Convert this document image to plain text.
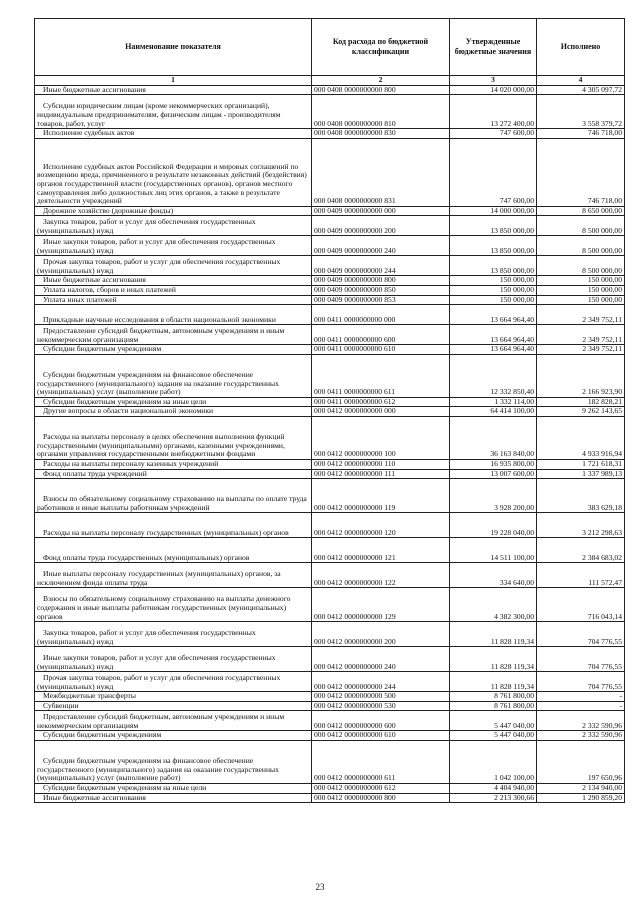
Наименование показателя	Код расхода по бюджетной классификации	Утвержденные бюджетные значения	Исполнено
1	2	3	4
Иные бюджетные ассигнования	000 0408 0000000000 800	14 020 000,00	4 305 097,72
Субсидии юридическим лицам (кроме некоммерческих организаций), индивидуальным предпринимателям, физическим лицам - производителям товаров, работ, услуг	000 0408 0000000000 810	13 272 400,00	3 558 379,72
Исполнение судебных актов	000 0408 0000000000 830	747 600,00	746 718,00
Исполнение судебных актов Российской Федерации и мировых соглашений по возмещению вреда, причиненного в результате незаконных действий (бездействия) органов государственной власти (государственных органов), органов местного самоуправления либо должностных лиц этих органов, а также в результате деятельности учреждений	000 0408 0000000000 831	747 600,00	746 718,00
Дорожное хозяйство (дорожные фонды)	000 0409 0000000000 000	14 000 000,00	8 650 000,00
Закупка товаров, работ и услуг для обеспечения государственных (муниципальных) нужд	000 0409 0000000000 200	13 850 000,00	8 500 000,00
Иные закупки товаров, работ и услуг для обеспечения государственных (муниципальных) нужд	000 0409 0000000000 240	13 850 000,00	8 500 000,00
Прочая закупка товаров, работ и услуг для обеспечения государственных (муниципальных) нужд	000 0409 0000000000 244	13 850 000,00	8 500 000,00
Иные бюджетные ассигнования	000 0409 0000000000 800	150 000,00	150 000,00
Уплата налогов, сборов и иных платежей	000 0409 0000000000 850	150 000,00	150 000,00
Уплата иных платежей	000 0409 0000000000 853	150 000,00	150 000,00
Прикладные научные исследования в области национальной экономики	000 0411 0000000000 000	13 664 964,40	2 349 752,11
Предоставление субсидий бюджетным, автономным учреждениям и иным некоммерческим организациям	000 0411 0000000000 600	13 664 964,40	2 349 752,11
Субсидии бюджетным учреждениям	000 0411 0000000000 610	13 664 964,40	2 349 752,11
Субсидии бюджетным учреждениям на финансовое обеспечение государственного (муниципального) задания на оказание государственных (муниципальных) услуг (выполнение работ)	000 0411 0000000000 611	12 332 850,40	2 166 923,90
Субсидии бюджетным учреждениям на иные цели	000 0411 0000000000 612	1 332 114,00	182 828,21
Другие вопросы в области национальной экономики	000 0412 0000000000 000	64 414 100,00	9 262 143,65
Расходы на выплаты персоналу в целях обеспечения выполнения функций государственными (муниципальными) органами, казенными учреждениями, органами управления государственными внебюджетными фондами	000 0412 0000000000 100	36 163 840,00	4 933 916,94
Расходы на выплаты персоналу казенных учреждений	000 0412 0000000000 110	16 935 800,00	1 721 618,31
Фонд оплаты труда учреждений	000 0412 0000000000 111	13 007 600,00	1 337 989,13
Взносы по обязательному социальному страхованию на выплаты по оплате труда работников и иные выплаты работникам учреждений	000 0412 0000000000 119	3 928 200,00	383 629,18
Расходы на выплаты персоналу государственных (муниципальных) органов	000 0412 0000000000 120	19 228 040,00	3 212 298,63
Фонд оплаты труда государственных (муниципальных) органов	000 0412 0000000000 121	14 511 100,00	2 384 683,02
Иные выплаты персоналу государственных (муниципальных) органов, за исключением фонда оплаты труда	000 0412 0000000000 122	334 640,00	111 572,47
Взносы по обязательному социальному страхованию на выплаты денежного содержания и иные выплаты работникам государственных (муниципальных) органов	000 0412 0000000000 129	4 382 300,00	716 043,14
Закупка товаров, работ и услуг для обеспечения государственных (муниципальных) нужд	000 0412 0000000000 200	11 828 119,34	704 776,55
Иные закупки товаров, работ и услуг для обеспечения государственных (муниципальных) нужд	000 0412 0000000000 240	11 828 119,34	704 776,55
Прочая закупка товаров, работ и услуг для обеспечения государственных (муниципальных) нужд	000 0412 0000000000 244	11 828 119,34	704 776,55
Межбюджетные трансферты	000 0412 0000000000 500	8 761 800,00	-
Субвенции	000 0412 0000000000 530	8 761 800,00	-
Предоставление субсидий бюджетным, автономным учреждениям и иным некоммерческим организациям	000 0412 0000000000 600	5 447 040,00	2 332 590,96
Субсидии бюджетным учреждениям	000 0412 0000000000 610	5 447 040,00	2 332 590,96
Субсидии бюджетным учреждениям на финансовое обеспечение государственного (муниципального) задания на оказание государственных (муниципальных) услуг (выполнение работ)	000 0412 0000000000 611	1 042 100,00	197 650,96
Субсидии бюджетным учреждениям на иные цели	000 0412 0000000000 612	4 404 940,00	2 134 940,00
Иные бюджетные ассигнования	000 0412 0000000000 800	2 213 300,66	1 290 859,20
23
